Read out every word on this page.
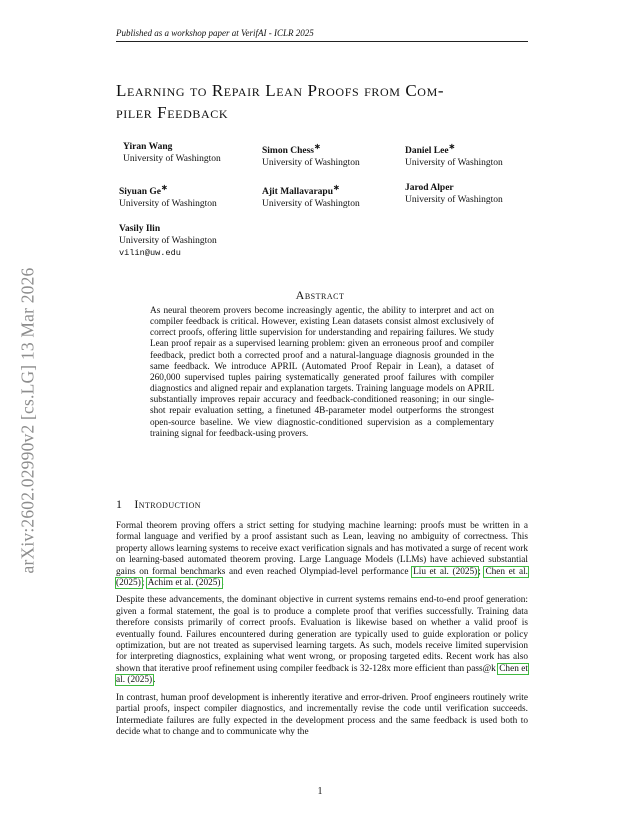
arXiv:2602.02990v2 [cs.LG] 13 Mar 2026
Published as a workshop paper at VerifAI - ICLR 2025
Learning to Repair Lean Proofs from Com-
piler Feedback
Yiran Wang
University of Washington
Simon Chess∗
University of Washington
Daniel Lee∗
University of Washington
Siyuan Ge∗
University of Washington
Ajit Mallavarapu∗
University of Washington
Jarod Alper
University of Washington
Vasily Ilin
University of Washington
vilin@uw.edu
Abstract
As neural theorem provers become increasingly agentic, the ability to interpret and act on compiler feedback is critical. However, existing Lean datasets consist almost exclusively of correct proofs, offering little supervision for understanding and repairing failures. We study Lean proof repair as a supervised learning problem: given an erroneous proof and compiler feedback, predict both a corrected proof and a natural-language diagnosis grounded in the same feedback. We introduce APRIL (Automated Proof Repair in Lean), a dataset of 260,000 supervised tuples pairing systematically generated proof failures with compiler diagnostics and aligned repair and explanation targets. Training language models on APRIL substantially improves repair accuracy and feedback-conditioned reasoning; in our single-shot repair evaluation setting, a finetuned 4B-parameter model outperforms the strongest open-source baseline. We view diagnostic-conditioned supervision as a complementary training signal for feedback-using provers.
1 Introduction

Formal theorem proving offers a strict setting for studying machine learning: proofs must be written in a formal language and verified by a proof assistant such as Lean, leaving no ambiguity of correctness. This property allows learning systems to receive exact verification signals and has motivated a surge of recent work on learning-based automated theorem proving. Large Language Models (LLMs) have achieved substantial gains on formal benchmarks and even reached Olympiad-level performance Liu et al. (2025); Chen et al. (2025); Achim et al. (2025).

Despite these advancements, the dominant objective in current systems remains end-to-end proof generation: given a formal statement, the goal is to produce a complete proof that verifies successfully. Training data therefore consists primarily of correct proofs. Evaluation is likewise based on whether a valid proof is eventually found. Failures encountered during generation are typically used to guide exploration or policy optimization, but are not treated as supervised learning targets. As such, models receive limited supervision for interpreting diagnostics, explaining what went wrong, or proposing targeted edits. Recent work has also shown that iterative proof refinement using compiler feedback is 32-128x more efficient than pass@k Chen et al. (2025).

In contrast, human proof development is inherently iterative and error-driven. Proof engineers routinely write partial proofs, inspect compiler diagnostics, and incrementally revise the code until verification succeeds. Intermediate failures are fully expected in the development process and the same feedback is used both to decide what to change and to communicate why the

1
